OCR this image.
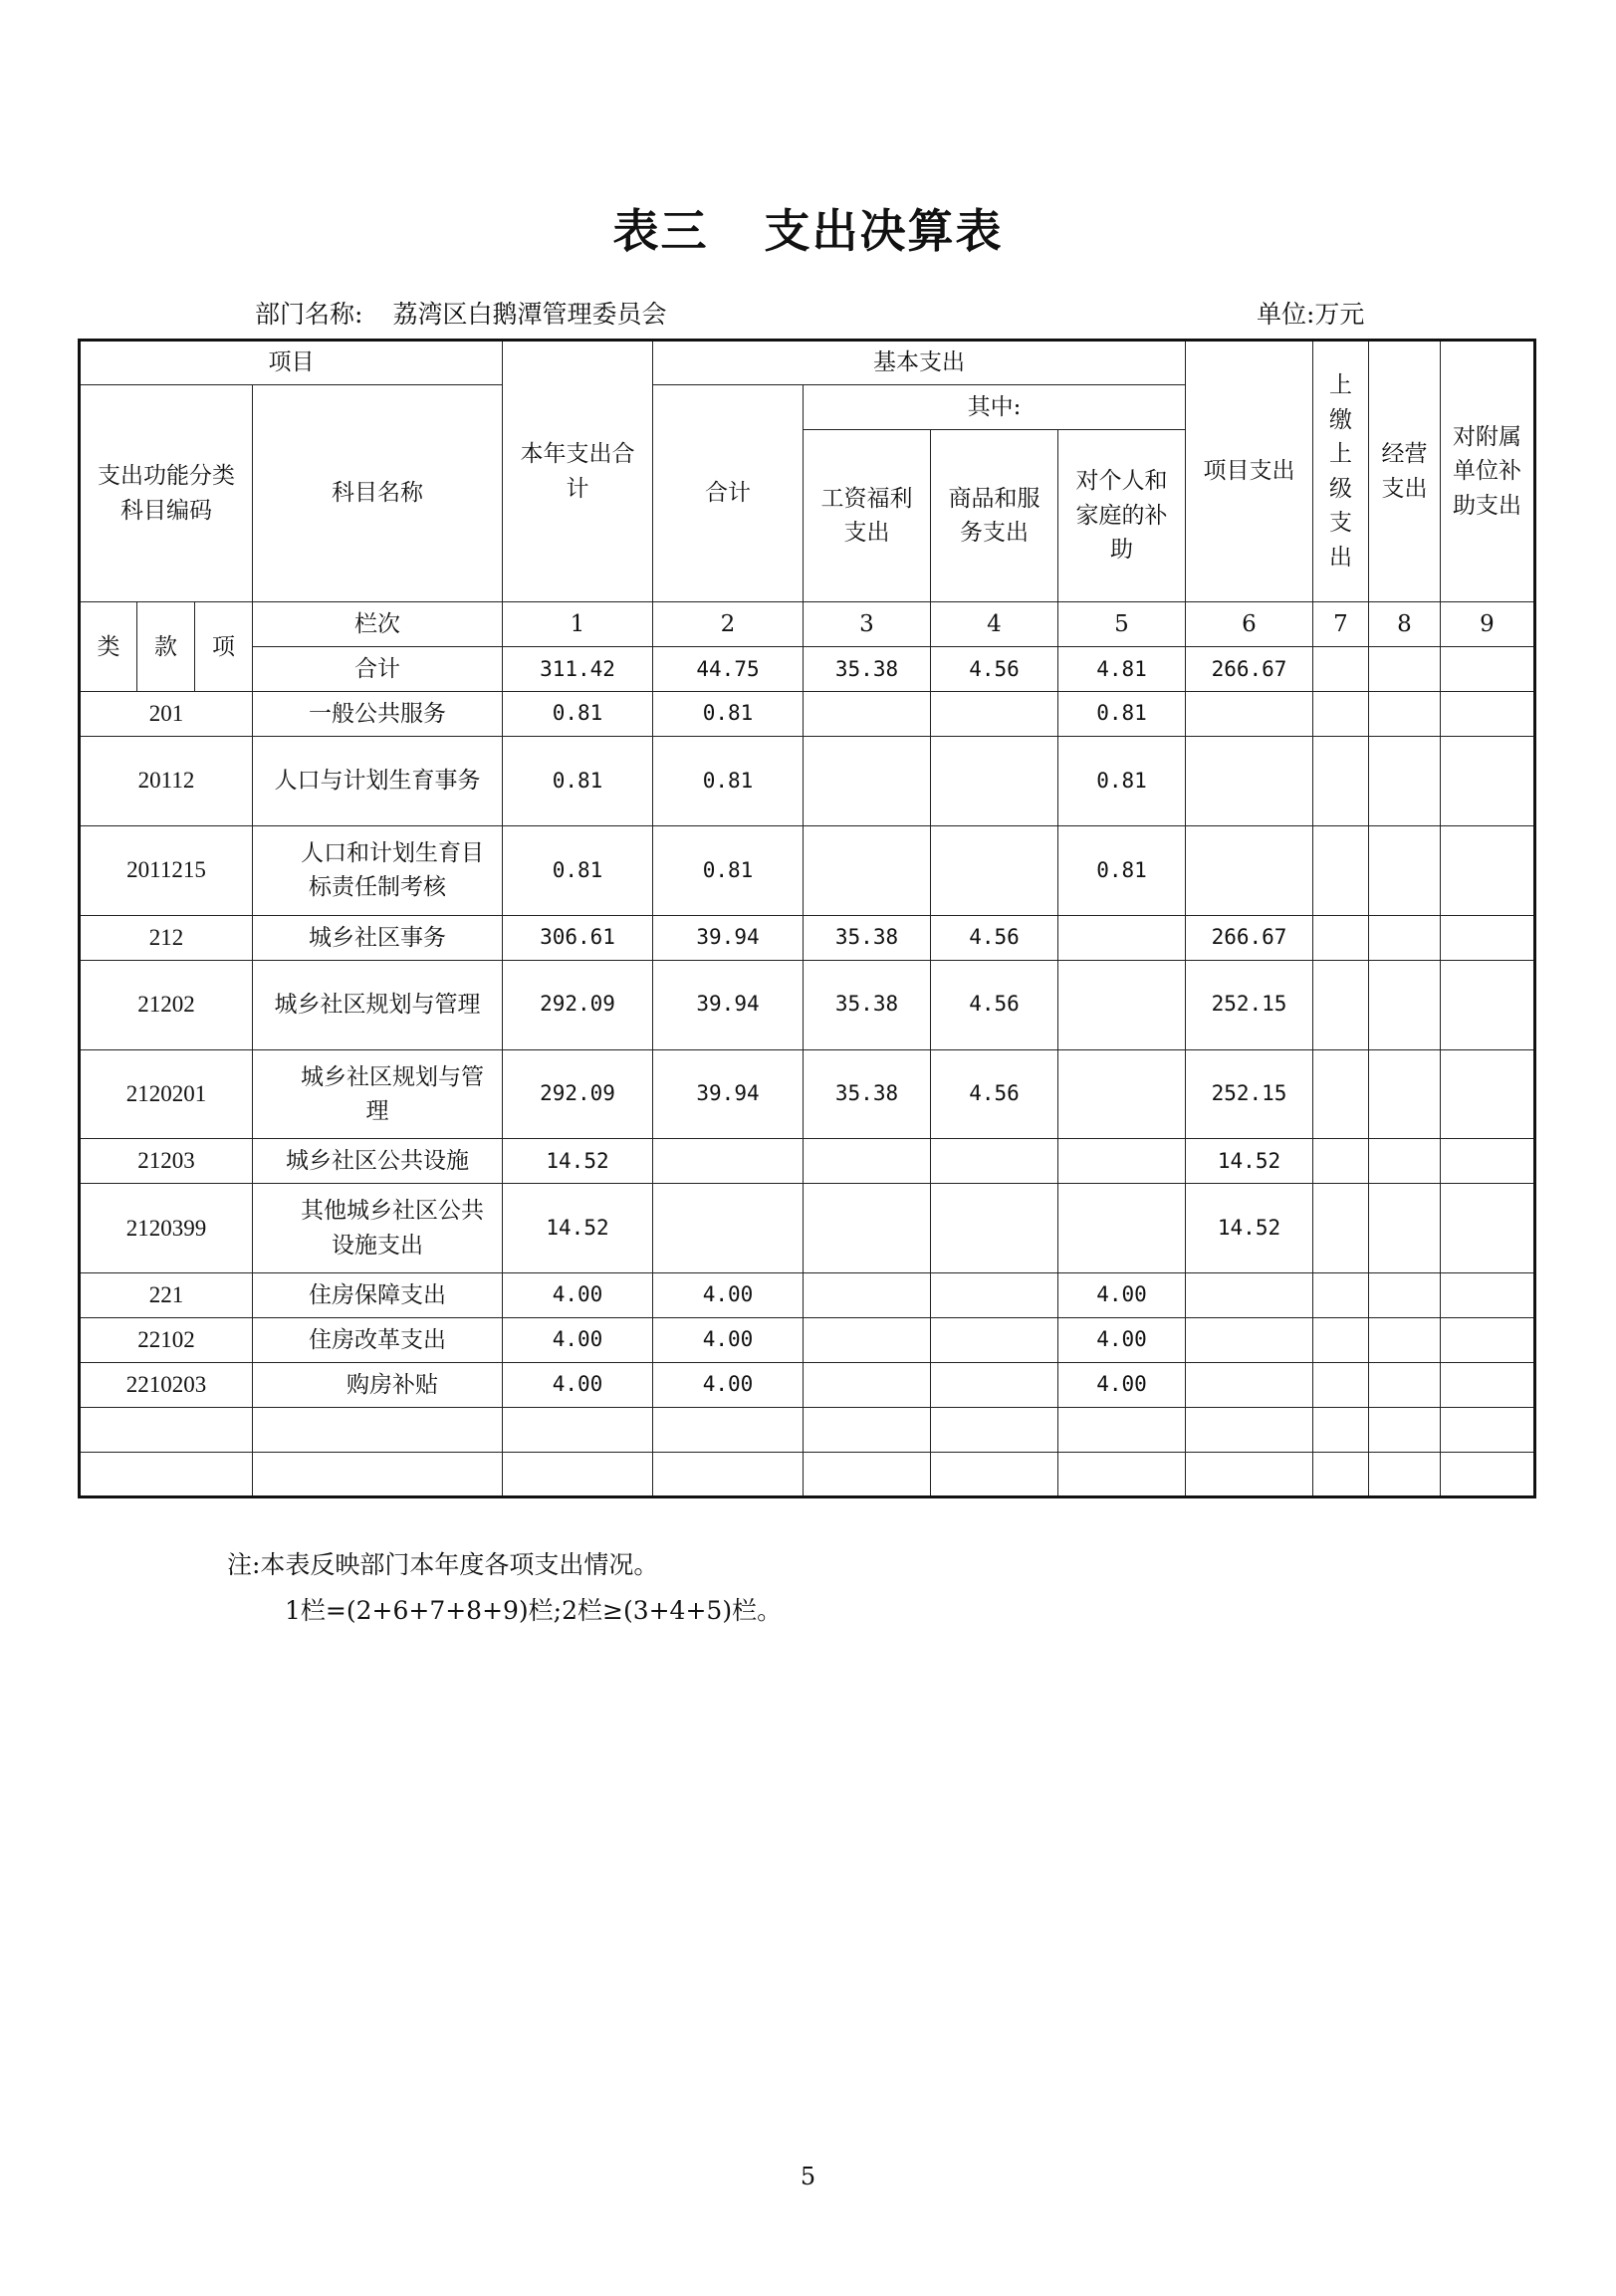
表三 支出决算表
部门名称: 荔湾区白鹅潭管理委员会	单位:万元
项目				本年支出合计	基本支出				项目支出	上缴上级支出	经营支出	对附属单位补助支出
支出功能分类科目编码			科目名称		合计	其中:						
						工资福利支出	商品和服务支出	对个人和家庭的补助				

类	款	项	栏次	1	2	3	4	5	6	7	8	9
			合计	311.42	44.75	35.38	4.56	4.81	266.67			
201			一般公共服务	0.81	0.81			0.81				
20112			人口与计划生育事务	0.81	0.81			0.81				
2011215			人口和计划生育目标责任制考核	0.81	0.81			0.81				
212			城乡社区事务	306.61	39.94	35.38	4.56		266.67			
21202			城乡社区规划与管理	292.09	39.94	35.38	4.56		252.15			
2120201			城乡社区规划与管理	292.09	39.94	35.38	4.56		252.15			
21203			城乡社区公共设施	14.52					14.52			
2120399			其他城乡社区公共设施支出	14.52					14.52			
221			住房保障支出	4.00	4.00			4.00				
22102			住房改革支出	4.00	4.00			4.00				
2210203			购房补贴	4.00	4.00			4.00				

注:本表反映部门本年度各项支出情况。
1栏=(2+6+7+8+9)栏;2栏≥(3+4+5)栏。
5
